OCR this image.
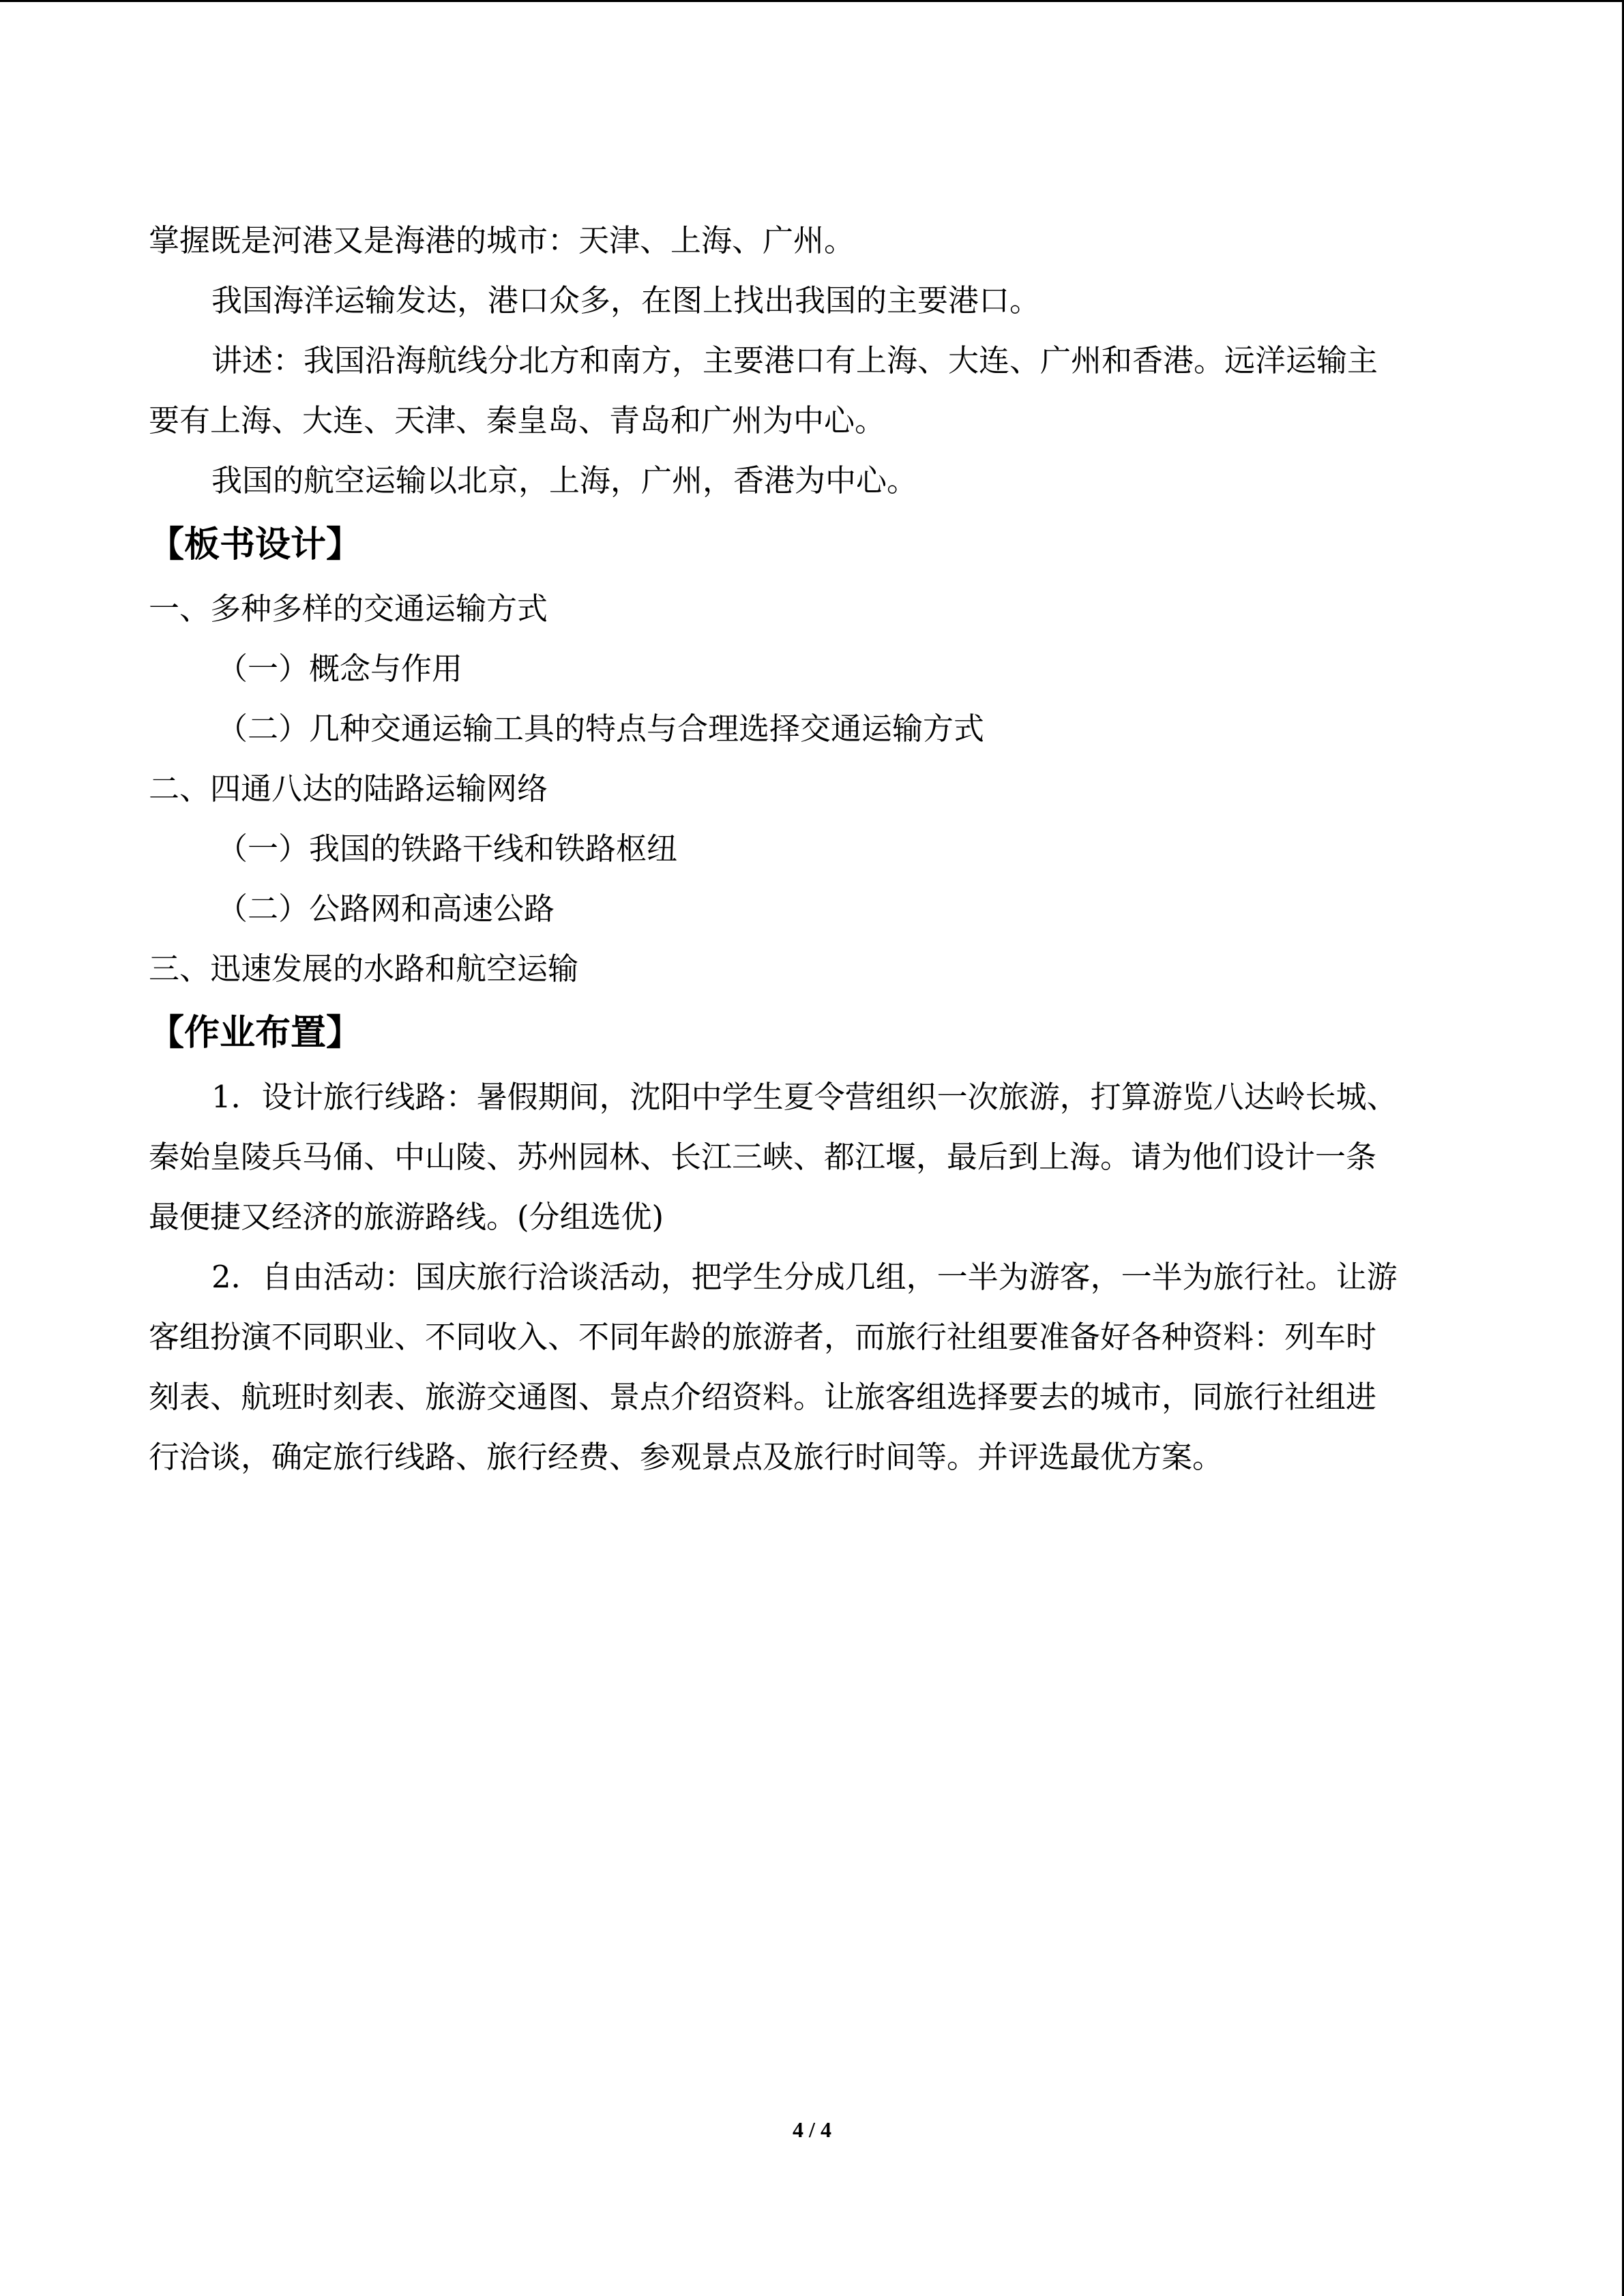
掌握既是河港又是海港的城市：天津、上海、广州。

我国海洋运输发达，港口众多，在图上找出我国的主要港口。

讲述：我国沿海航线分北方和南方，主要港口有上海、大连、广州和香港。远洋运输主

要有上海、大连、天津、秦皇岛、青岛和广州为中心。

我国的航空运输以北京，上海，广州，香港为中心。

【板书设计】

一、多种多样的交通运输方式

（一）概念与作用

（二）几种交通运输工具的特点与合理选择交通运输方式

二、四通八达的陆路运输网络

（一）我国的铁路干线和铁路枢纽

（二）公路网和高速公路

三、迅速发展的水路和航空运输

【作业布置】

1．设计旅行线路：暑假期间，沈阳中学生夏令营组织一次旅游，打算游览八达岭长城、

秦始皇陵兵马俑、中山陵、苏州园林、长江三峡、都江堰，最后到上海。请为他们设计一条

最便捷又经济的旅游路线。(分组选优)

2．自由活动：国庆旅行洽谈活动，把学生分成几组，一半为游客，一半为旅行社。让游

客组扮演不同职业、不同收入、不同年龄的旅游者，而旅行社组要准备好各种资料：列车时

刻表、航班时刻表、旅游交通图、景点介绍资料。让旅客组选择要去的城市，同旅行社组进

行洽谈，确定旅行线路、旅行经费、参观景点及旅行时间等。并评选最优方案。

4 / 4
